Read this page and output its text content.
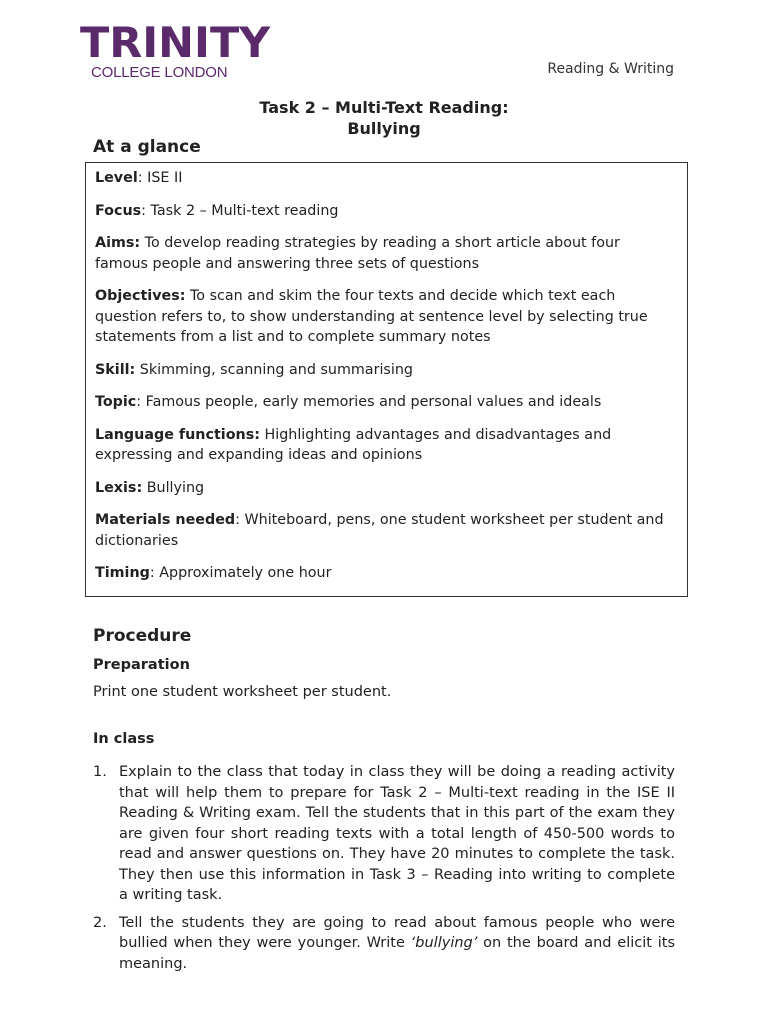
TRINITY
COLLEGE LONDON	Reading & Writing
Task 2 – Multi-Text Reading:
Bullying
At a glance

Level: ISE II

Focus: Task 2 – Multi-text reading

Aims: To develop reading strategies by reading a short article about four famous people and answering three sets of questions

Objectives: To scan and skim the four texts and decide which text each question refers to, to show understanding at sentence level by selecting true statements from a list and to complete summary notes

Skill: Skimming, scanning and summarising

Topic: Famous people, early memories and personal values and ideals

Language functions: Highlighting advantages and disadvantages and expressing and expanding ideas and opinions

Lexis: Bullying

Materials needed: Whiteboard, pens, one student worksheet per student and dictionaries

Timing: Approximately one hour

Procedure
Preparation
Print one student worksheet per student.
In class
1. Explain to the class that today in class they will be doing a reading activity that will help them to prepare for Task 2 – Multi-text reading in the ISE II Reading & Writing exam. Tell the students that in this part of the exam they are given four short reading texts with a total length of 450-500 words to read and answer questions on. They have 20 minutes to complete the task. They then use this information in Task 3 – Reading into writing to complete a writing task.
2. Tell the students they are going to read about famous people who were bullied when they were younger. Write ‘bullying’ on the board and elicit its meaning.
